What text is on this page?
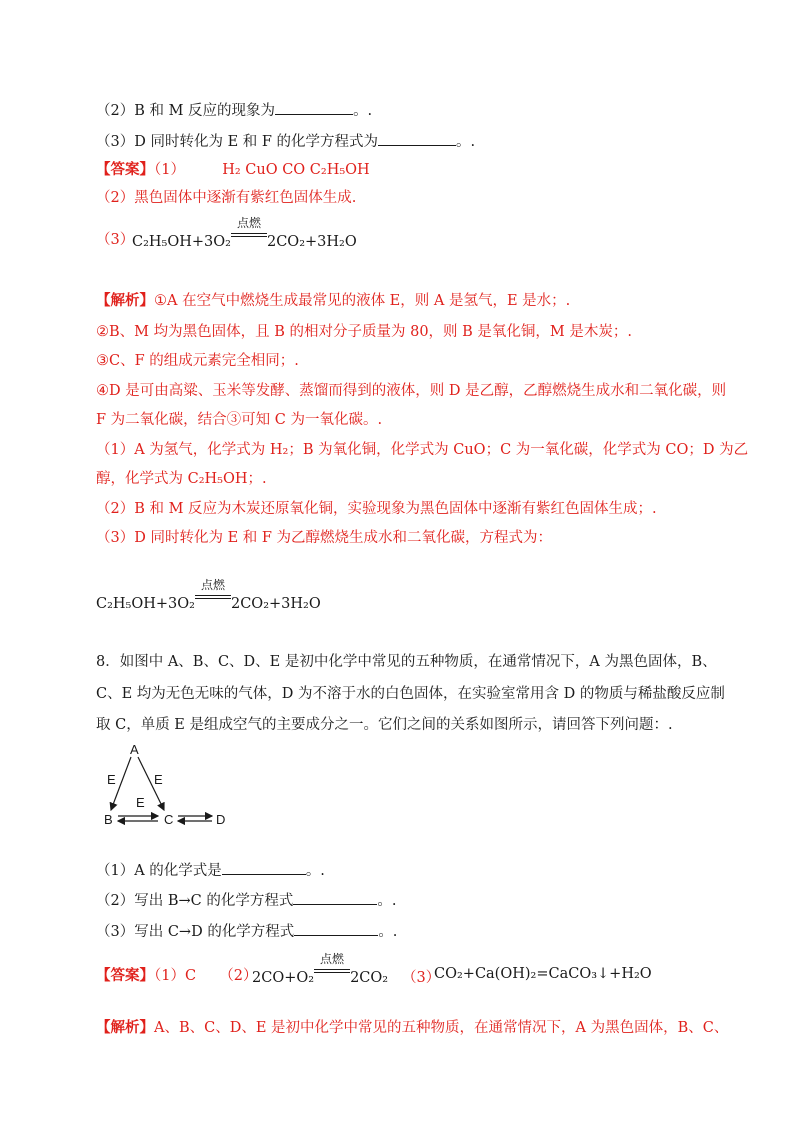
（2）B 和 M 反应的现象为	。.
（3）D 同时转化为 E 和 F 的化学方程式为	。.
【答案】（1）	H₂ CuO CO C₂H₅OH
（2）黑色固体中逐渐有紫红色固体生成.
（3）
C₂H₅OH+3O₂
点燃
2CO₂+3H₂O
【解析】①A 在空气中燃烧生成最常见的液体 E，则 A 是氢气，E 是水；.
②B、M 均为黑色固体，且 B 的相对分子质量为 80，则 B 是氧化铜，M 是木炭；.
③C、F 的组成元素完全相同；.
④D 是可由高粱、玉米等发酵、蒸馏而得到的液体，则 D 是乙醇，乙醇燃烧生成水和二氧化碳，则
F 为二氧化碳，结合③可知 C 为一氧化碳。.
（1）A 为氢气，化学式为 H₂；B 为氧化铜，化学式为 CuO；C 为一氧化碳，化学式为 CO；D 为乙
醇，化学式为 C₂H₅OH；.
（2）B 和 M 反应为木炭还原氧化铜，实验现象为黑色固体中逐渐有紫红色固体生成；.
（3）D 同时转化为 E 和 F 为乙醇燃烧生成水和二氧化碳，方程式为：
C₂H₅OH+3O₂
点燃
2CO₂+3H₂O
8．如图中 A、B、C、D、E 是初中化学中常见的五种物质，在通常情况下，A 为黑色固体，B、
C、E 均为无色无味的气体，D 为不溶于水的白色固体，在实验室常用含 D 的物质与稀盐酸反应制
取 C，单质 E 是组成空气的主要成分之一。它们之间的关系如图所示，请回答下列问题：.
A
E	E
E
B	C	D
（1）A 的化学式是	。.
（2）写出 B→C 的化学方程式	。.
（3）写出 C→D 的化学方程式	。.
【答案】（1）C （2）
2CO+O₂
点燃
2CO₂ （3）
CO₂+Ca(OH)₂=CaCO₃↓+H₂O
【解析】A、B、C、D、E 是初中化学中常见的五种物质，在通常情况下，A 为黑色固体，B、C、
